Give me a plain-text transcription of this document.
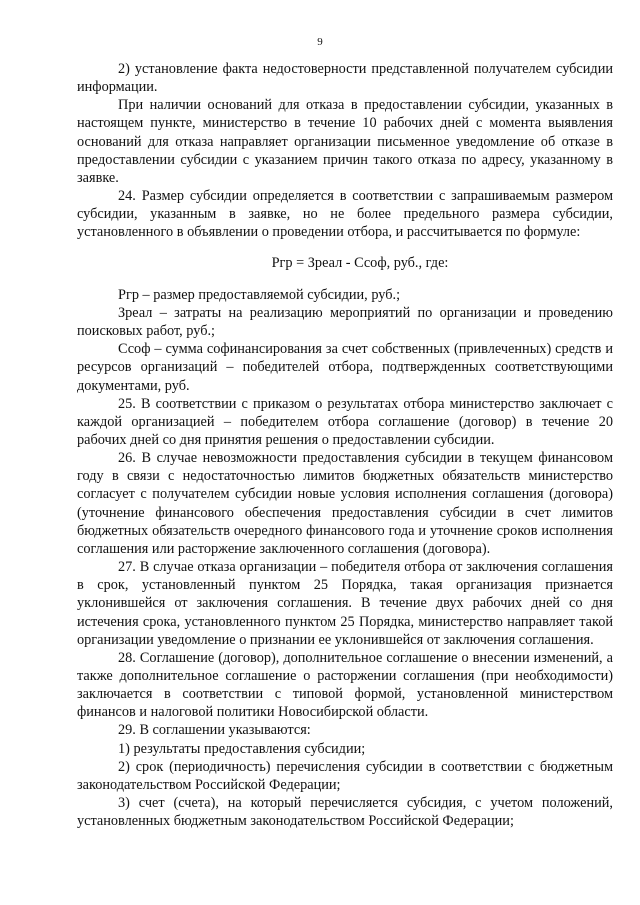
9

2) установление факта недостоверности представленной получателем субсидии информации.

При наличии оснований для отказа в предоставлении субсидии, указанных в настоящем пункте, министерство в течение 10 рабочих дней с момента выявления оснований для отказа направляет организации письменное уведомление об отказе в предоставлении субсидии с указанием причин такого отказа по адресу, указанному в заявке.

24. Размер субсидии определяется в соответствии с запрашиваемым размером субсидии, указанным в заявке, но не более предельного размера субсидии, установленного в объявлении о проведении отбора, и рассчитывается по формуле:

Ргр = Зреал - Ссоф, руб., где:

Ргр – размер предоставляемой субсидии, руб.;

Зреал – затраты на реализацию мероприятий по организации и проведению поисковых работ, руб.;

Ссоф – сумма софинансирования за счет собственных (привлеченных) средств и ресурсов организаций – победителей отбора, подтвержденных соответствующими документами, руб.

25. В соответствии с приказом о результатах отбора министерство заключает с каждой организацией – победителем отбора соглашение (договор) в течение 20 рабочих дней со дня принятия решения о предоставлении субсидии.

26. В случае невозможности предоставления субсидии в текущем финансовом году в связи с недостаточностью лимитов бюджетных обязательств министерство согласует с получателем субсидии новые условия исполнения соглашения (договора) (уточнение финансового обеспечения предоставления субсидии в счет лимитов бюджетных обязательств очередного финансового года и уточнение сроков исполнения соглашения или расторжение заключенного соглашения (договора).

27. В случае отказа организации – победителя отбора от заключения соглашения в срок, установленный пунктом 25 Порядка, такая организация признается уклонившейся от заключения соглашения. В течение двух рабочих дней со дня истечения срока, установленного пунктом 25 Порядка, министерство направляет такой организации уведомление о признании ее уклонившейся от заключения соглашения.

28. Соглашение (договор), дополнительное соглашение о внесении изменений, а также дополнительное соглашение о расторжении соглашения (при необходимости) заключается в соответствии с типовой формой, установленной министерством финансов и налоговой политики Новосибирской области.

29. В соглашении указываются:

1) результаты предоставления субсидии;

2) срок (периодичность) перечисления субсидии в соответствии с бюджетным законодательством Российской Федерации;

3) счет (счета), на который перечисляется субсидия, с учетом положений, установленных бюджетным законодательством Российской Федерации;
